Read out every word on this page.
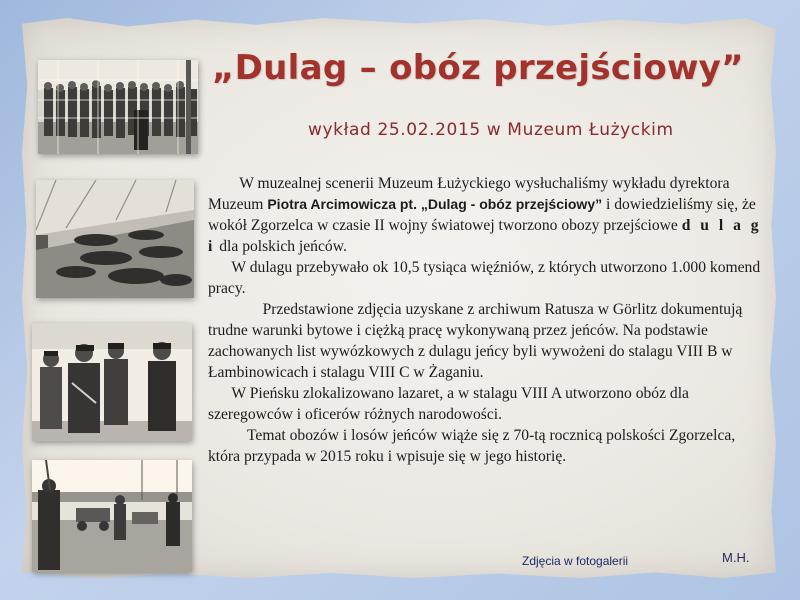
„Dulag – obóz przejściowy”
wykład 25.02.2015 w Muzeum Łużyckim

  W muzealnej scenerii Muzeum Łużyckiego wysłuchaliśmy wykładu dyrektora Muzeum Piotra Arcimowicza pt. „Dulag - obóz przejściowy” i dowiedzieliśmy się, że wokół Zgorzelca w czasie II wojny światowej tworzono obozy przejściowe d u l a g i dla polskich jeńców.

  W dulagu przebywało ok 10,5 tysiąca więźniów, z których utworzono 1.000 komend pracy.

    Przedstawione zdjęcia uzyskane z archiwum Ratusza w Görlitz dokumentują trudne warunki bytowe i ciężką pracę wykonywaną przez jeńców. Na podstawie zachowanych list wywózkowych z dulagu jeńcy byli wywożeni do stalagu VIII B w Łambinowicach i stalagu VIII C w Żaganiu.

  W Pieńsku zlokalizowano lazaret, a w stalagu VIII A utworzono obóz dla szeregowców i oficerów różnych narodowości.

   Temat obozów i losów jeńców wiąże się z 70-tą rocznicą polskości Zgorzelca, która przypada w 2015 roku i wpisuje się w jego historię.

Zdjęcia w fotogalerii	M.H.
